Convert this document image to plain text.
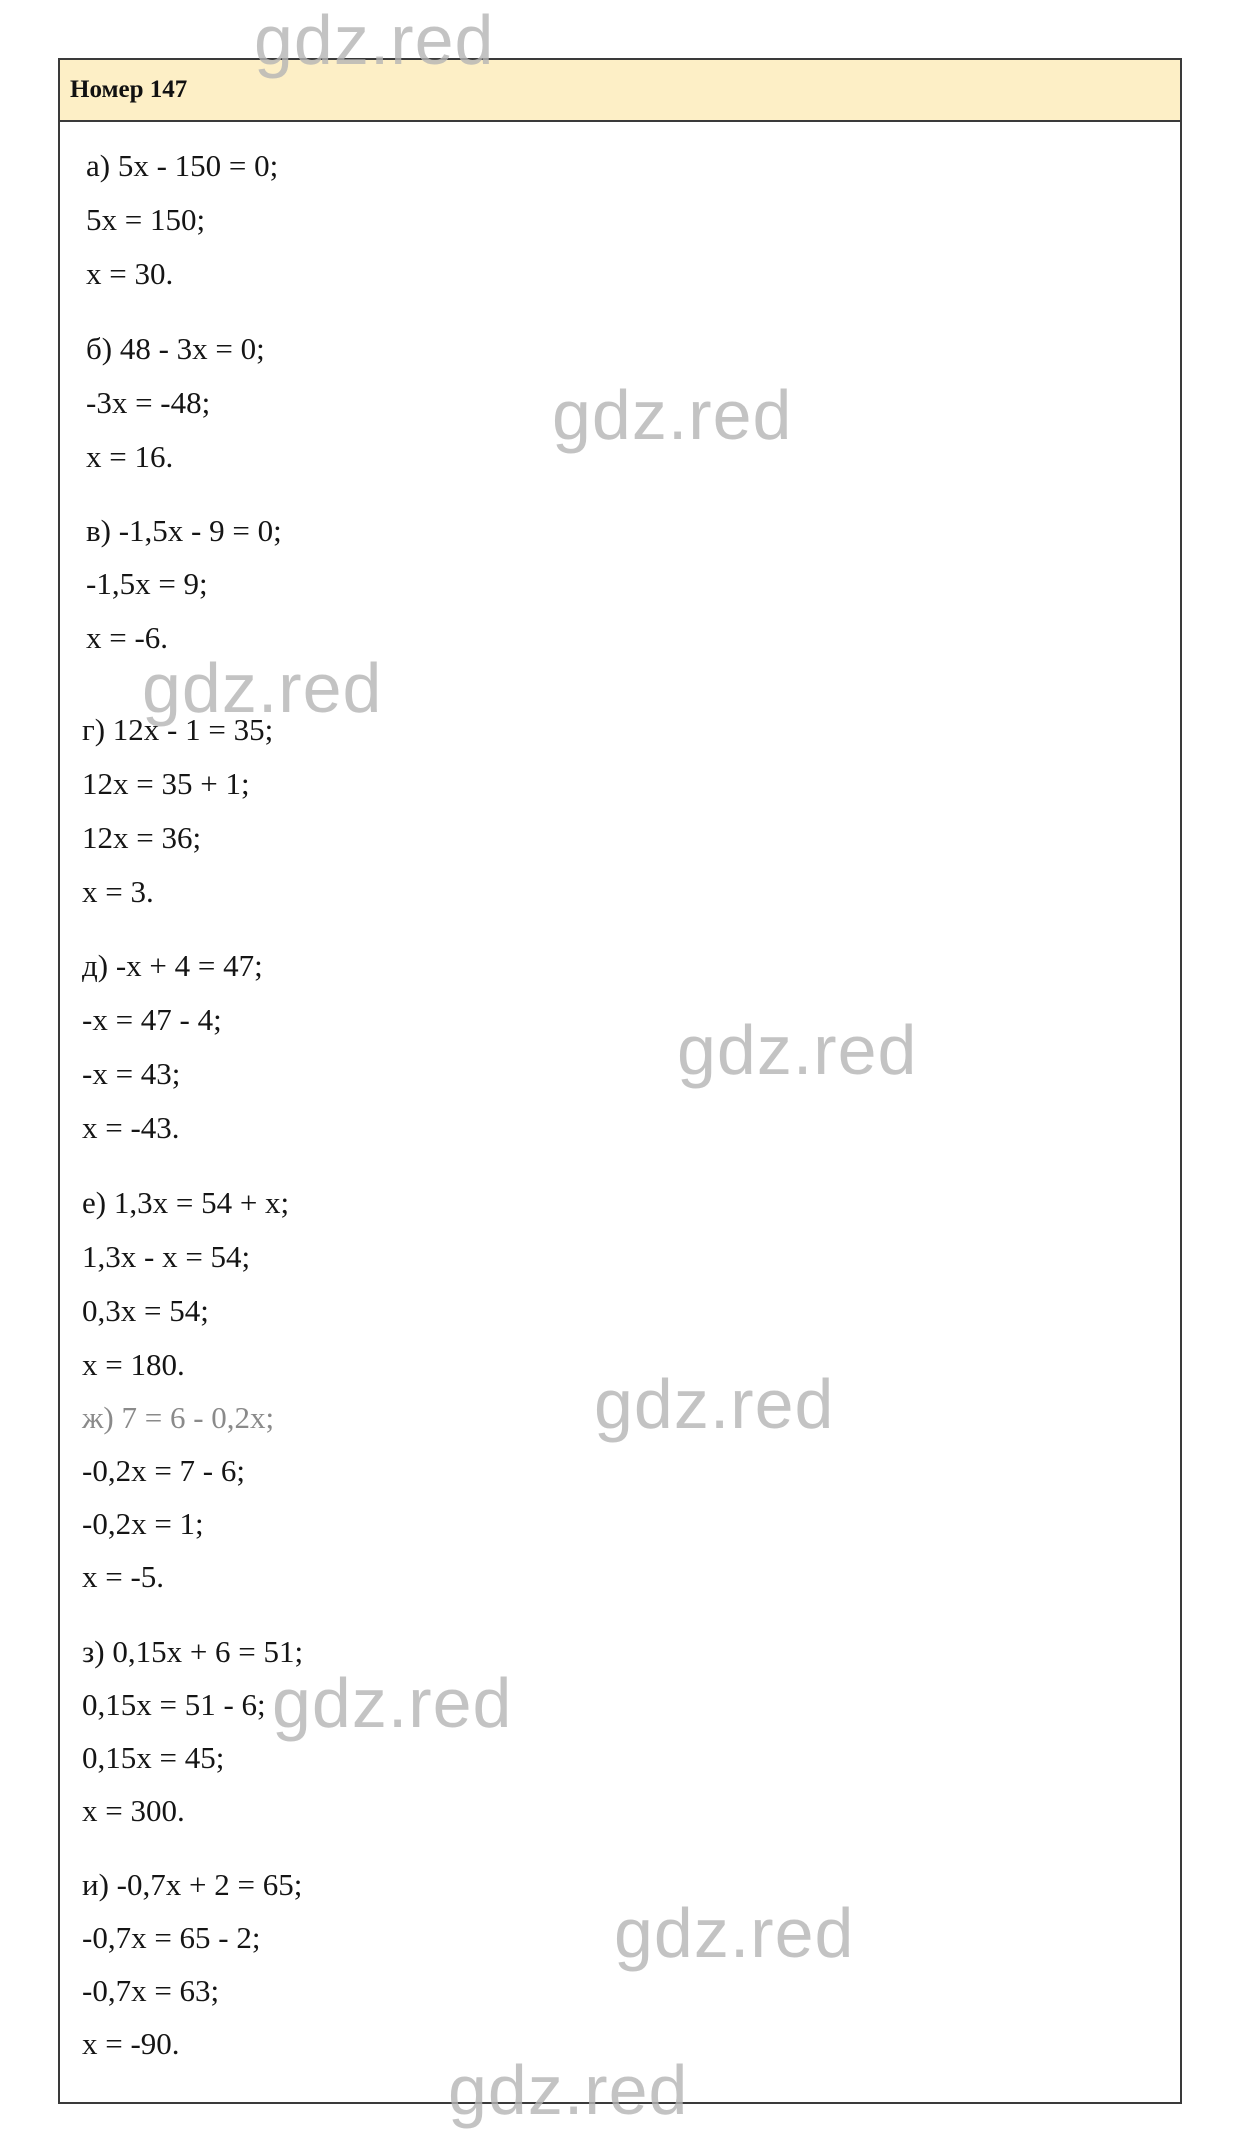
Номер 147
а) 5x - 150 = 0;
5x = 150;
x = 30.
б) 48 - 3x = 0;
-3x = -48;
x = 16.
в) -1,5x - 9 = 0;
-1,5x = 9;
x = -6.
г) 12x - 1 = 35;
12x = 35 + 1;
12x = 36;
x = 3.
д) -x + 4 = 47;
-x = 47 - 4;
-x = 43;
x = -43.
е) 1,3x = 54 + x;
1,3x - x = 54;
0,3x = 54;
x = 180.
ж) 7 = 6 - 0,2x;
-0,2x = 7 - 6;
-0,2x = 1;
x = -5.
з) 0,15x + 6 = 51;
0,15x = 51 - 6;
0,15x = 45;
x = 300.
и) -0,7x + 2 = 65;
-0,7x = 65 - 2;
-0,7x = 63;
x = -90.
gdz.red
gdz.red
gdz.red
gdz.red
gdz.red
gdz.red
gdz.red
gdz.red
